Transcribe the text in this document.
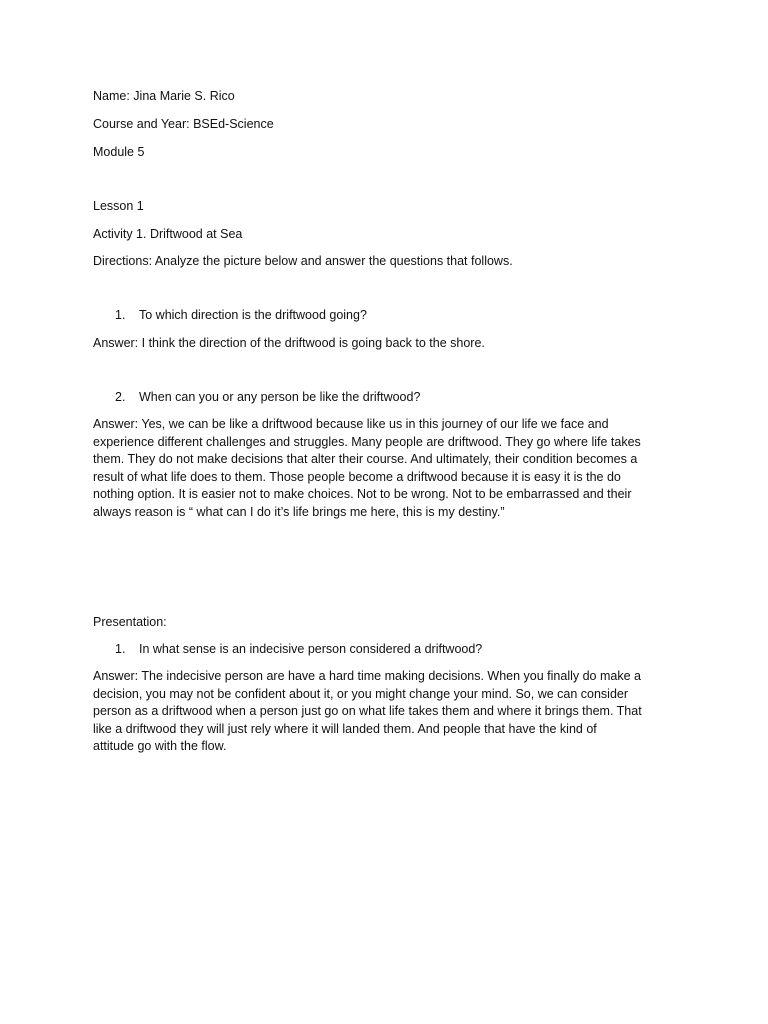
Name: Jina Marie S. Rico
Course and Year: BSEd-Science
Module 5
Lesson 1
Activity 1. Driftwood at Sea
Directions: Analyze the picture below and answer the questions that follows.
1. To which direction is the driftwood going?
Answer: I think the direction of the driftwood is going back to the shore.
2. When can you or any person be like the driftwood?
Answer: Yes, we can be like a driftwood because like us in this journey of our life we face and
experience different challenges and struggles. Many people are driftwood. They go where life takes
them. They do not make decisions that alter their course. And ultimately, their condition becomes a
result of what life does to them. Those people become a driftwood because it is easy it is the do
nothing option. It is easier not to make choices. Not to be wrong. Not to be embarrassed and their
always reason is “ what can I do it’s life brings me here, this is my destiny.”
Presentation:
1. In what sense is an indecisive person considered a driftwood?
Answer: The indecisive person are have a hard time making decisions. When you finally do make a
decision, you may not be confident about it, or you might change your mind. So, we can consider
person as a driftwood when a person just go on what life takes them and where it brings them. That
like a driftwood they will just rely where it will landed them. And people that have the kind of
attitude go with the flow.
